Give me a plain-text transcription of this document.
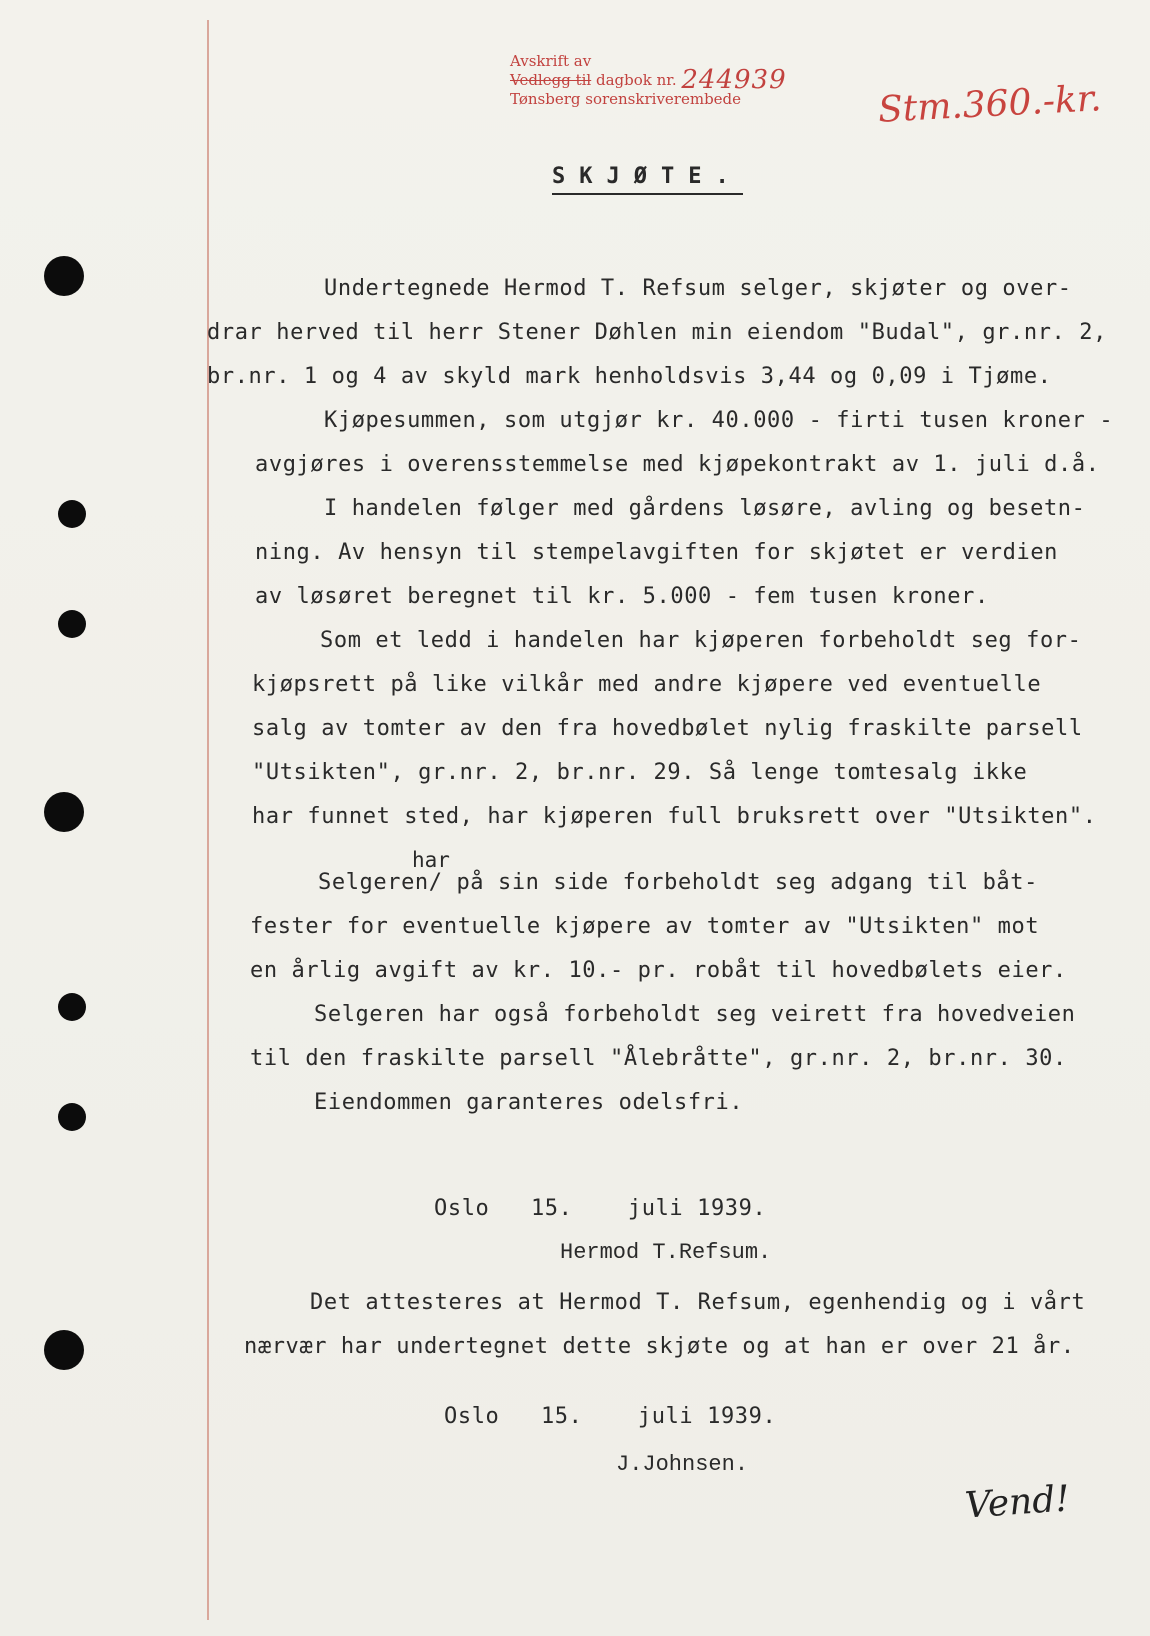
Avskrift av
Vedlegg til dagbok nr. 244939
Tønsberg sorenskriverembede	Stm.360.-kr.
SKJØTE.
Undertegnede Hermod T. Refsum selger, skjøter og over-
drar herved til herr Stener Døhlen min eiendom "Budal", gr.nr. 2,
br.nr. 1 og 4 av skyld mark henholdsvis 3,44 og 0,09 i Tjøme.
Kjøpesummen, som utgjør kr. 40.000 - firti tusen kroner -
avgjøres i overensstemmelse med kjøpekontrakt av 1. juli d.å.
I handelen følger med gårdens løsøre, avling og besetn-
ning. Av hensyn til stempelavgiften for skjøtet er verdien
av løsøret beregnet til kr. 5.000 - fem tusen kroner.
Som et ledd i handelen har kjøperen forbeholdt seg for-
kjøpsrett på like vilkår med andre kjøpere ved eventuelle
salg av tomter av den fra hovedbølet nylig fraskilte parsell
"Utsikten", gr.nr. 2, br.nr. 29. Så lenge tomtesalg ikke
har funnet sted, har kjøperen full bruksrett over "Utsikten".
har
Selgeren/ på sin side forbeholdt seg adgang til båt-
fester for eventuelle kjøpere av tomter av "Utsikten" mot
en årlig avgift av kr. 10.- pr. robåt til hovedbølets eier.
Selgeren har også forbeholdt seg veirett fra hovedveien
til den fraskilte parsell "Ålebråtte", gr.nr. 2, br.nr. 30.
Eiendommen garanteres odelsfri.
Oslo 15.	juli 1939.
Hermod T.Refsum.
Det attesteres at Hermod T. Refsum, egenhendig og i vårt
nærvær har undertegnet dette skjøte og at han er over 21 år.
Oslo 15.	juli 1939.
J.Johnsen.
Vend!
